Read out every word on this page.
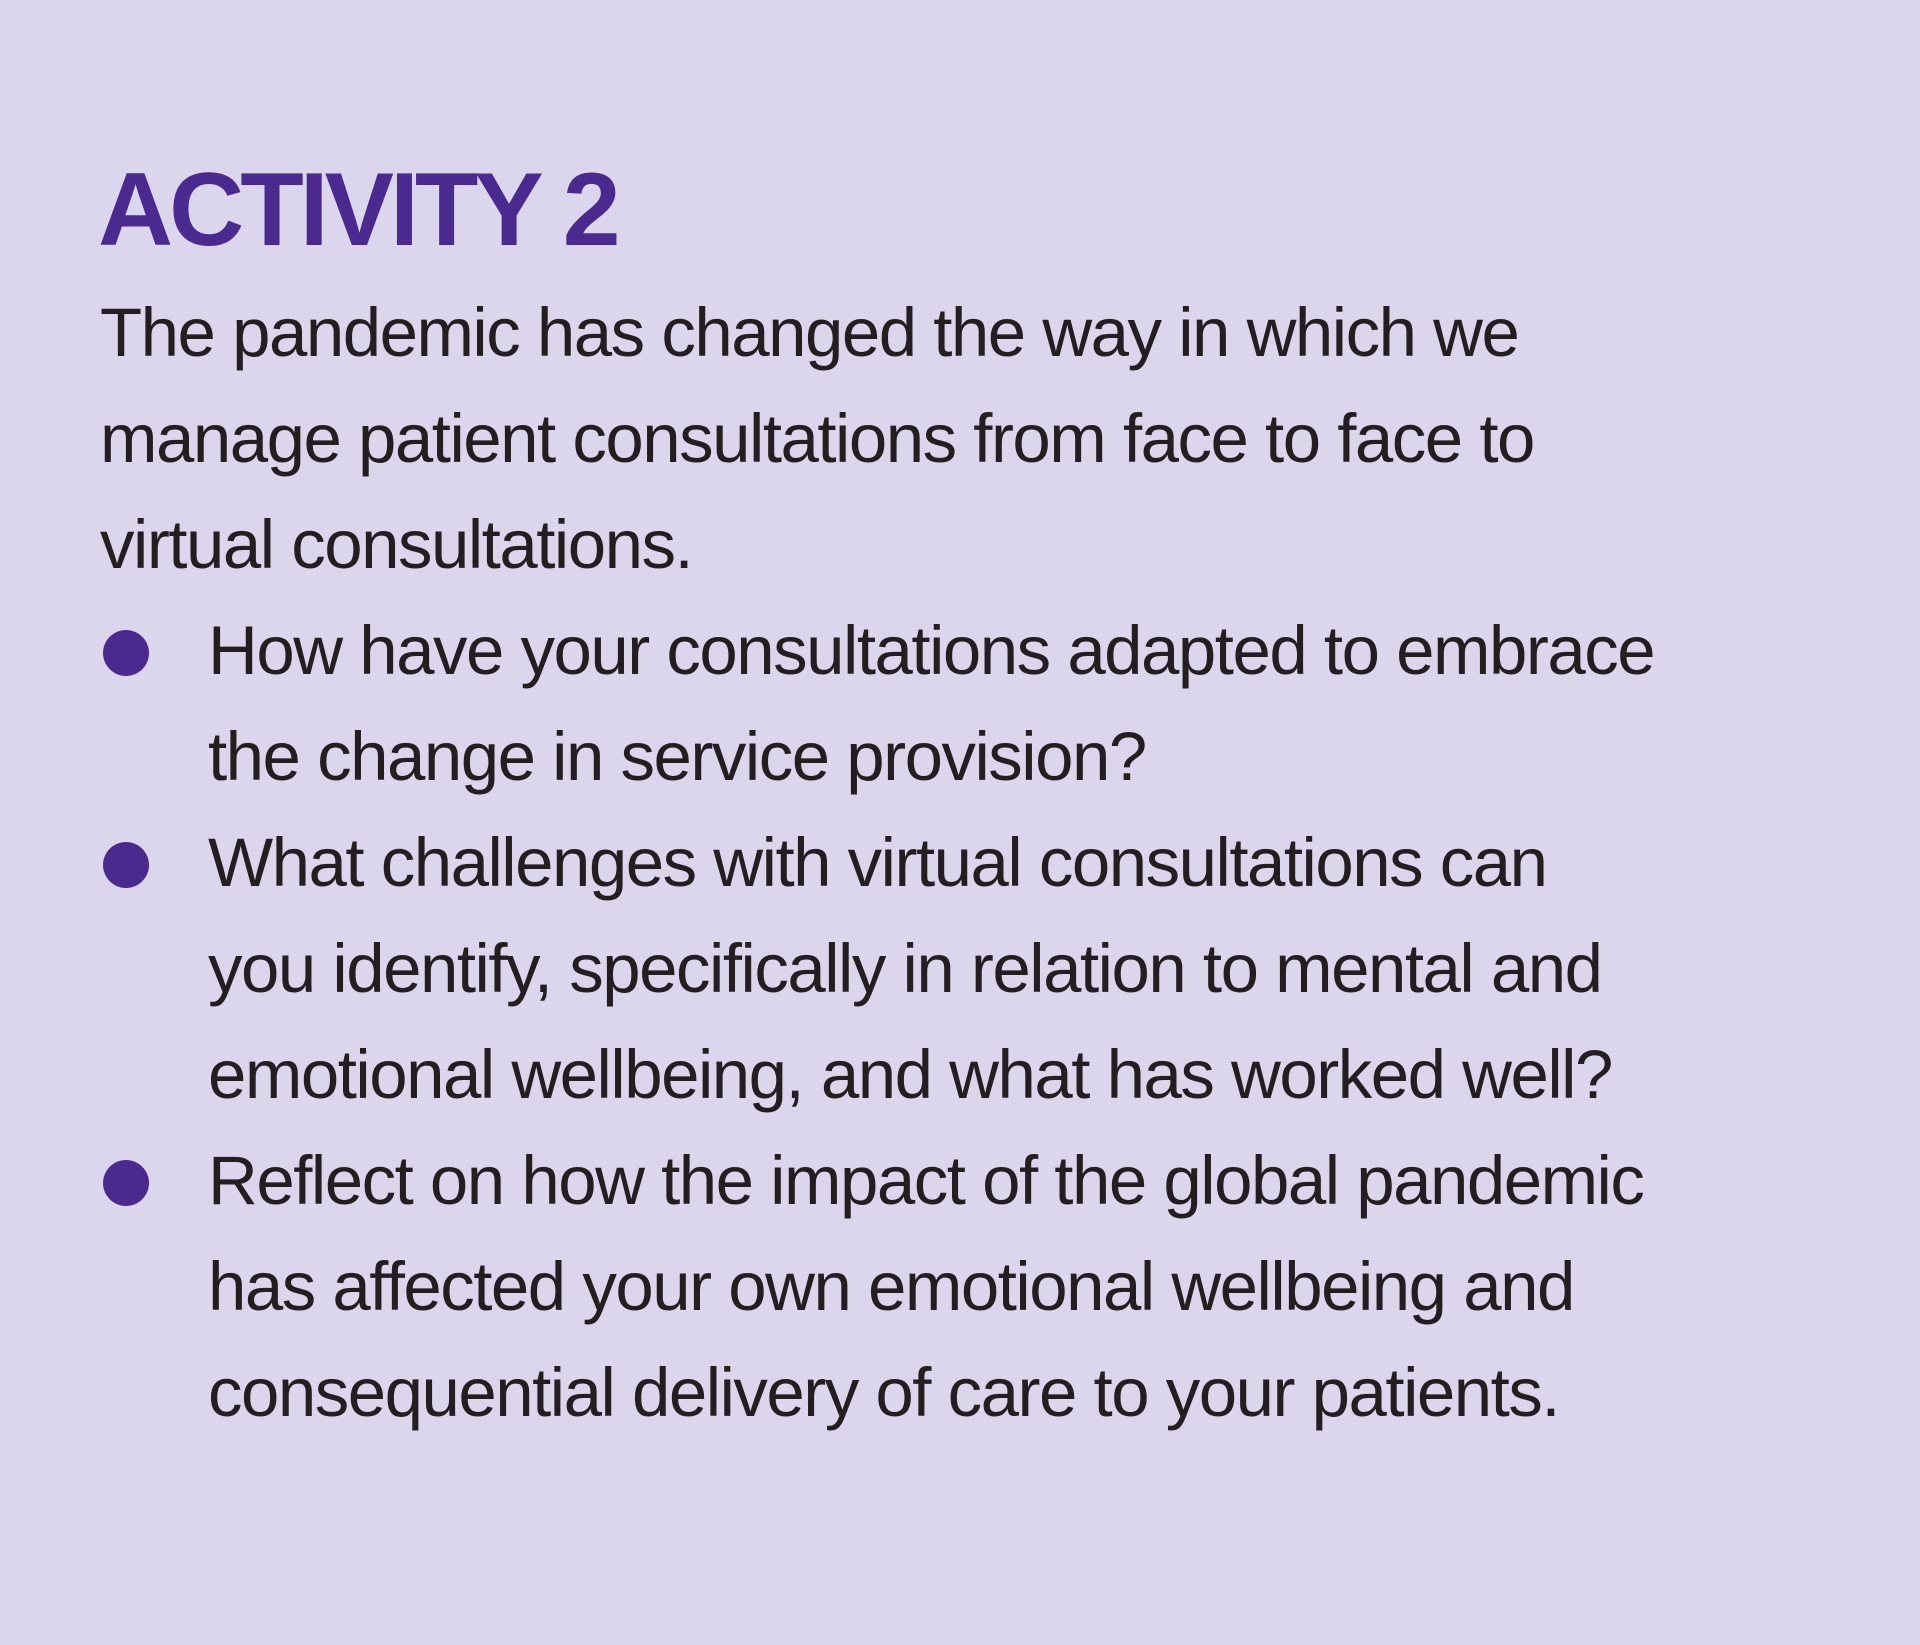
ACTIVITY 2

The pandemic has changed the way in which we
manage patient consultations from face to face to
virtual consultations.

How have your consultations adapted to embrace
the change in service provision?
What challenges with virtual consultations can
you identify, specifically in relation to mental and
emotional wellbeing, and what has worked well?
Reflect on how the impact of the global pandemic
has affected your own emotional wellbeing and
consequential delivery of care to your patients.
